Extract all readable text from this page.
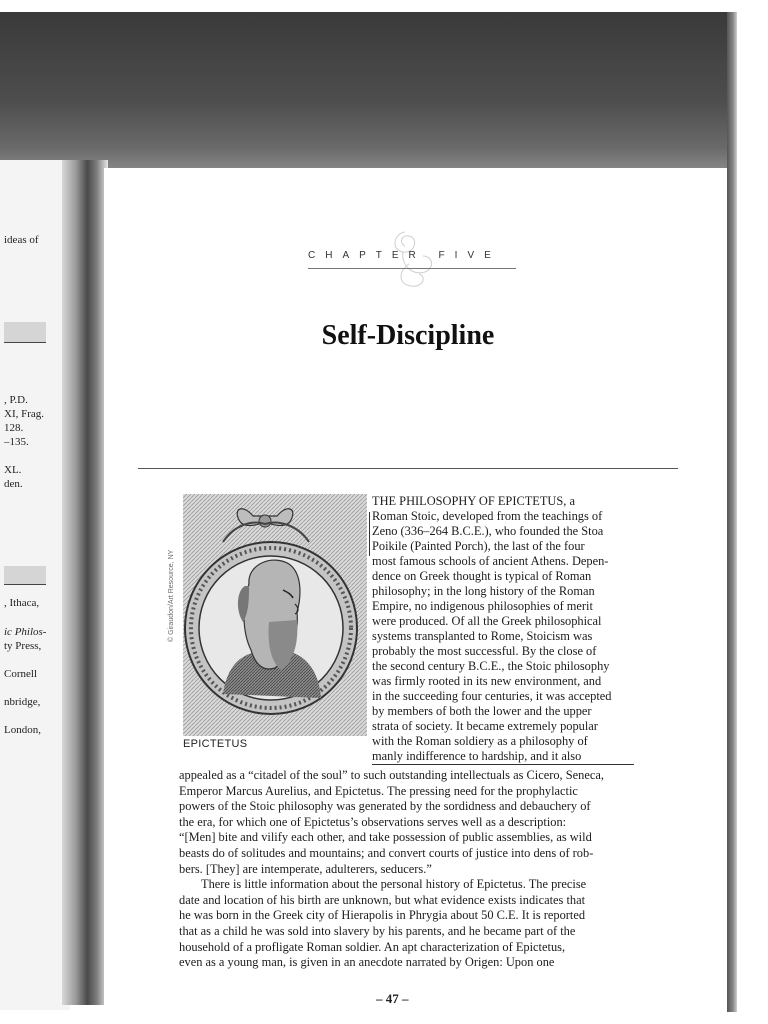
ideas of
, P.D.
XI, Frag.
128.
–135.
XL.
den.
, Ithaca,
ic Philos-
ty Press,
Cornell
nbridge,
London,
CHAPTER FIVE
Self-Discipline
© Giraudon/Art Resource, NY
EPICTETUS
THE PHILOSOPHY OF EPICTETUS, a
Roman Stoic, developed from the teachings of
Zeno (336–264 B.C.E.), who founded the Stoa
Poikile (Painted Porch), the last of the four
most famous schools of ancient Athens. Depen-
dence on Greek thought is typical of Roman
philosophy; in the long history of the Roman
Empire, no indigenous philosophies of merit
were produced. Of all the Greek philosophical
systems transplanted to Rome, Stoicism was
probably the most successful. By the close of
the second century B.C.E., the Stoic philosophy
was firmly rooted in its new environment, and
in the succeeding four centuries, it was accepted
by members of both the lower and the upper
strata of society. It became extremely popular
with the Roman soldiery as a philosophy of
manly indifference to hardship, and it also
appealed as a “citadel of the soul” to such outstanding intellectuals as Cicero, Seneca,
Emperor Marcus Aurelius, and Epictetus. The pressing need for the prophylactic
powers of the Stoic philosophy was generated by the sordidness and debauchery of
the era, for which one of Epictetus’s observations serves well as a description:
“[Men] bite and vilify each other, and take possession of public assemblies, as wild
beasts do of solitudes and mountains; and convert courts of justice into dens of rob-
bers. [They] are intemperate, adulterers, seducers.”
There is little information about the personal history of Epictetus. The precise
date and location of his birth are unknown, but what evidence exists indicates that
he was born in the Greek city of Hierapolis in Phrygia about 50 C.E. It is reported
that as a child he was sold into slavery by his parents, and he became part of the
household of a profligate Roman soldier. An apt characterization of Epictetus,
even as a young man, is given in an anecdote narrated by Origen: Upon one
– 47 –
